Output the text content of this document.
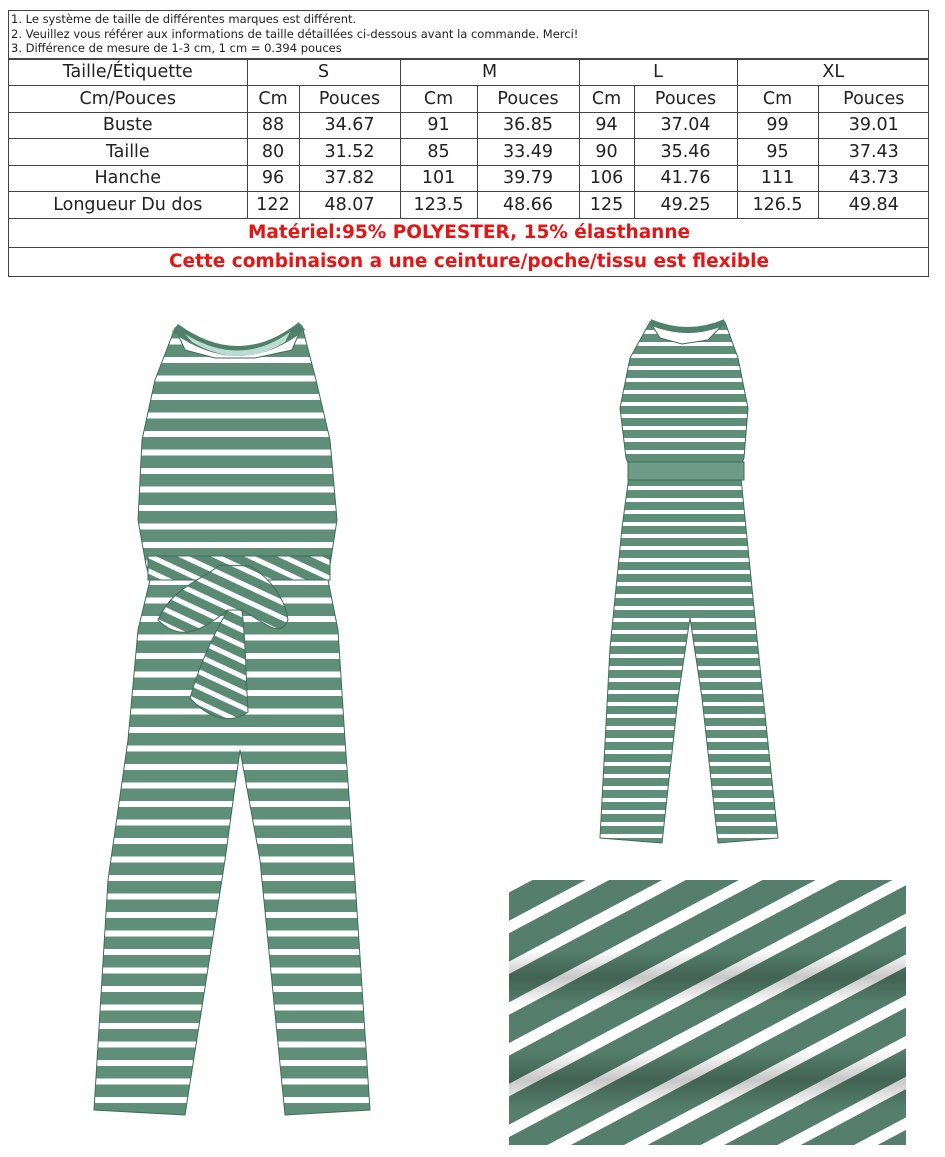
1. Le système de taille de différentes marques est différent.
2. Veuillez vous référer aux informations de taille détaillées ci-dessous avant la commande. Merci!
3. Différence de mesure de 1-3 cm, 1 cm = 0.394 pouces
Taille/Étiquette	S		M		L		XL	
Cm/Pouces	Cm	Pouces	Cm	Pouces	Cm	Pouces	Cm	Pouces
Buste	88	34.67	91	36.85	94	37.04	99	39.01
Taille	80	31.52	85	33.49	90	35.46	95	37.43
Hanche	96	37.82	101	39.79	106	41.76	111	43.73
Longueur Du dos	122	48.07	123.5	48.66	125	49.25	126.5	49.84
Matériel:95% POLYESTER, 15% élasthanne								
Cette combinaison a une ceinture/poche/tissu est flexible								
